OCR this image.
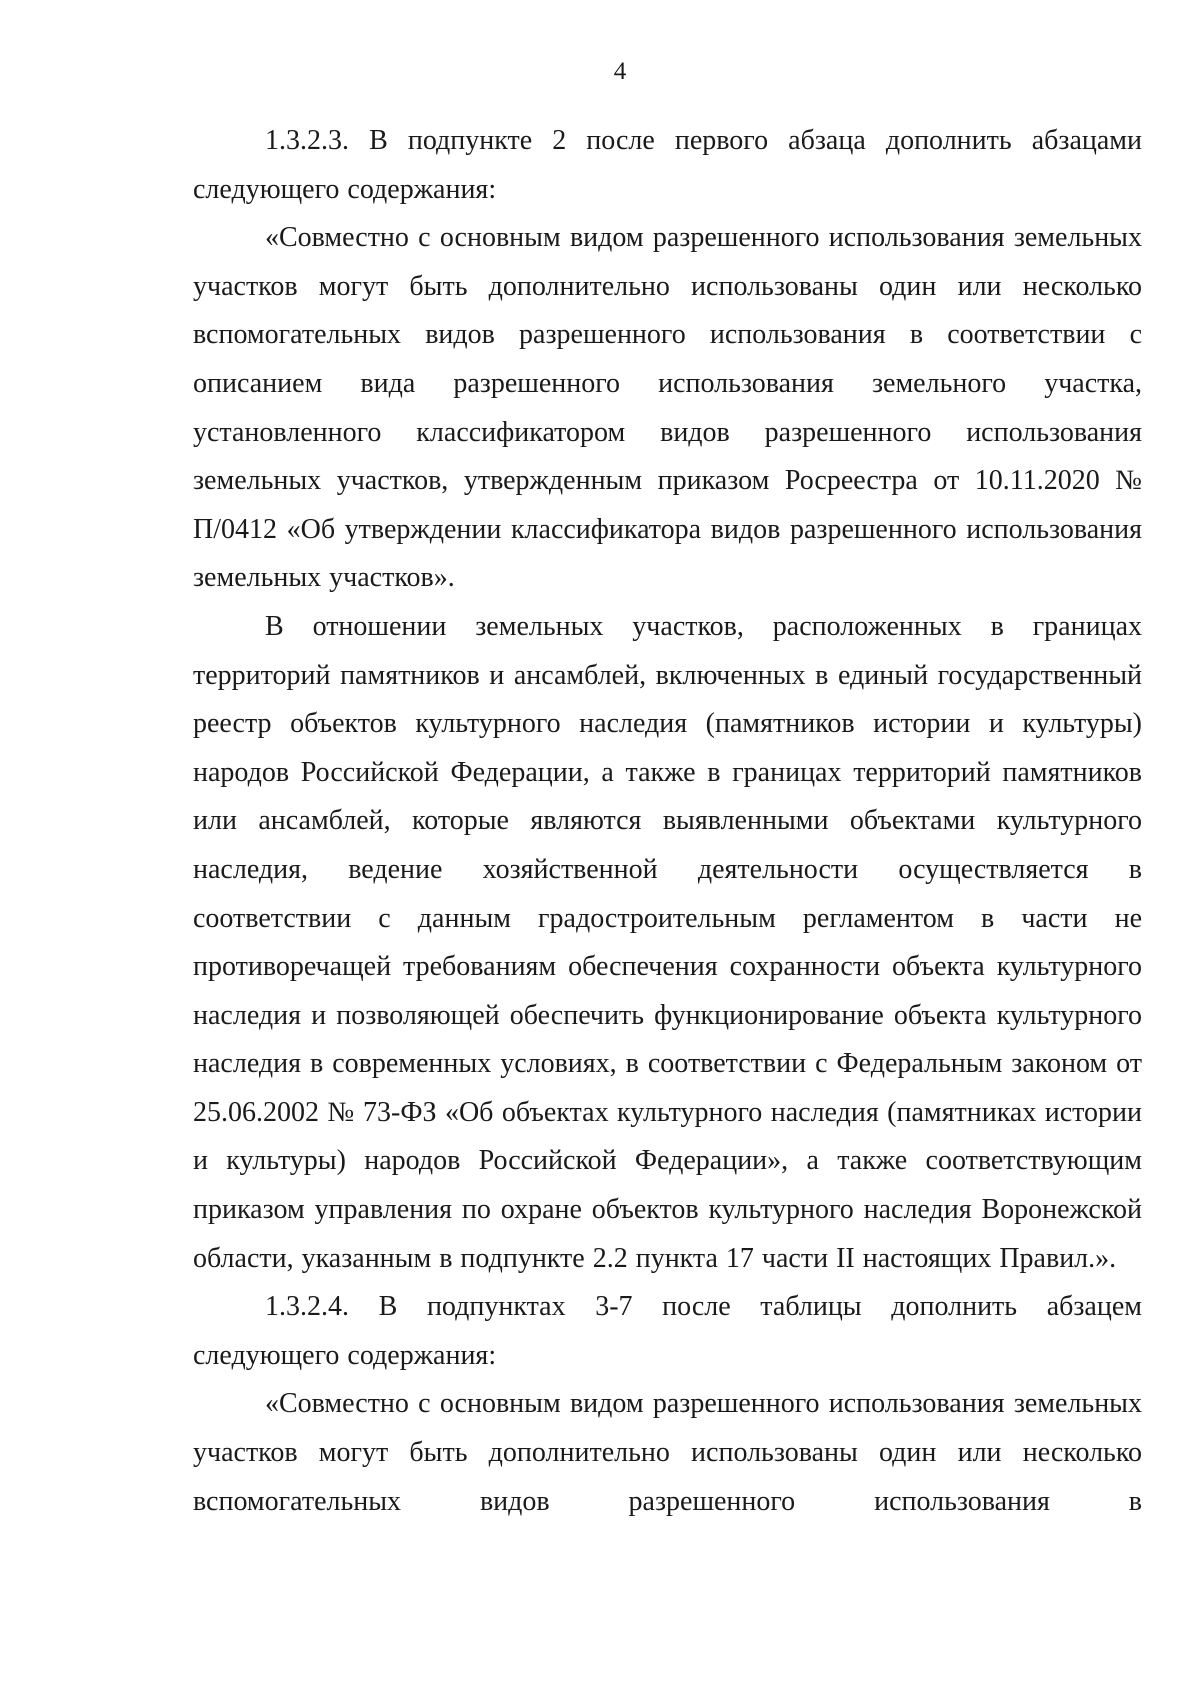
4

1.3.2.3. В подпункте 2 после первого абзаца дополнить абзацами следующего содержания:

«Совместно с основным видом разрешенного использования земельных участков могут быть дополнительно использованы один или несколько вспомогательных видов разрешенного использования в соответствии с описанием вида разрешенного использования земельного участка, установленного классификатором видов разрешенного использования земельных участков, утвержденным приказом Росреестра от 10.11.2020 № П/0412 «Об утверждении классификатора видов разрешенного использования земельных участков».

В отношении земельных участков, расположенных в границах территорий памятников и ансамблей, включенных в единый государственный реестр объектов культурного наследия (памятников истории и культуры) народов Российской Федерации, а также в границах территорий памятников или ансамблей, которые являются выявленными объектами культурного наследия, ведение хозяйственной деятельности осуществляется в соответствии с данным градостроительным регламентом в части не противоречащей требованиям обеспечения сохранности объекта культурного наследия и позволяющей обеспечить функционирование объекта культурного наследия в современных условиях, в соответствии с Федеральным законом от 25.06.2002 № 73-ФЗ «Об объектах культурного наследия (памятниках истории и культуры) народов Российской Федерации», а также соответствующим приказом управления по охране объектов культурного наследия Воронежской области, указанным в подпункте 2.2 пункта 17 части II настоящих Правил.».

1.3.2.4. В подпунктах 3-7 после таблицы дополнить абзацем следующего содержания:

«Совместно с основным видом разрешенного использования земельных участков могут быть дополнительно использованы один или несколько вспомогательных видов разрешенного использования в
